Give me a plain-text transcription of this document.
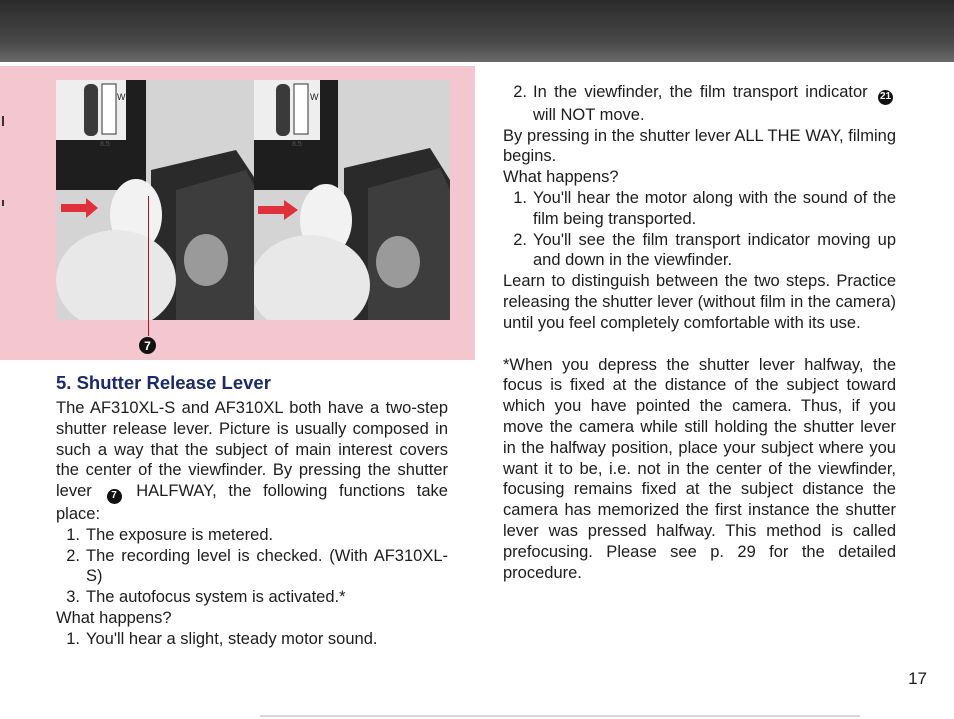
W
8.5
7
W
8.5
5. Shutter Release Lever

The AF310XL-S and AF310XL both have a two-step shutter release lever. Picture is usually composed in such a way that the subject of main interest covers the center of the viewfinder. By pressing the shutter lever 7 HALFWAY, the following functions take place:

1. The exposure is metered.
2. The recording level is checked. (With AF310XL-S)
3. The autofocus system is activated.*

What happens?

1. You'll hear a slight, steady motor sound.
2. In the viewfinder, the film transport indicator 21 will NOT move.

By pressing in the shutter lever ALL THE WAY, filming begins.

What happens?

1. You'll hear the motor along with the sound of the film being transported.
2. You'll see the film transport indicator moving up and down in the viewfinder.

Learn to distinguish between the two steps. Practice releasing the shutter lever (without film in the camera) until you feel completely comfortable with its use.

*When you depress the shutter lever halfway, the focus is fixed at the distance of the subject toward which you have pointed the camera. Thus, if you move the camera while still holding the shutter lever in the halfway position, place your subject where you want it to be, i.e. not in the center of the viewfinder, focusing remains fixed at the subject distance the camera has memorized the first instance the shutter lever was pressed halfway. This method is called prefocusing. Please see p. 29 for the detailed procedure.

17
